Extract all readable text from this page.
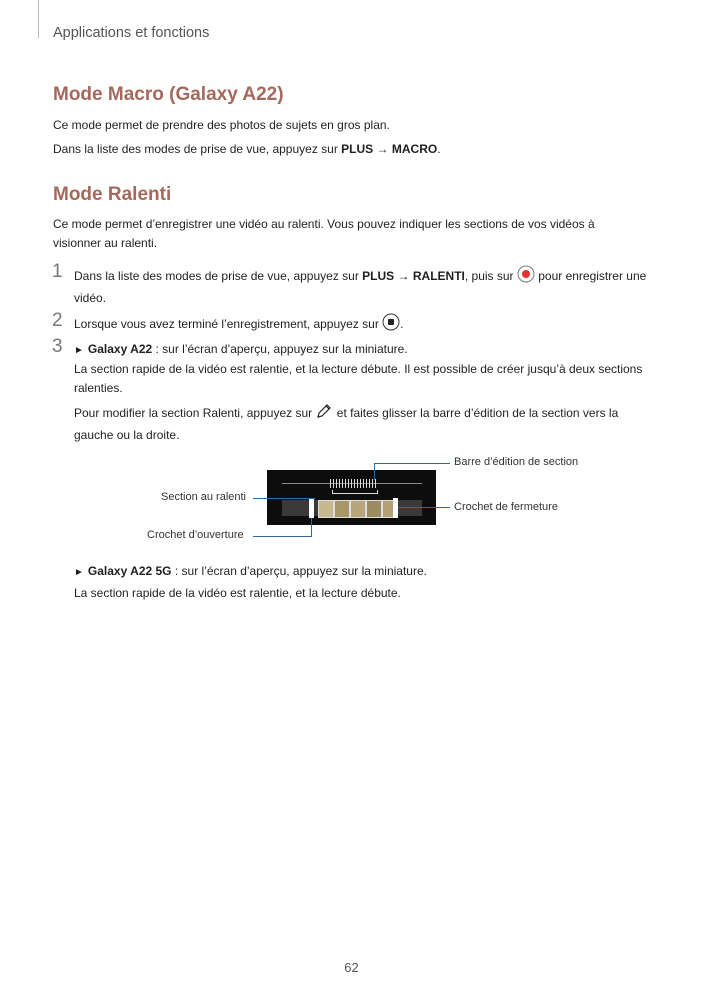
Applications et fonctions
Mode Macro (Galaxy A22)

Ce mode permet de prendre des photos de sujets en gros plan.

Dans la liste des modes de prise de vue, appuyez sur PLUS → MACRO.

Mode Ralenti

Ce mode permet d’enregistrer une vidéo au ralenti. Vous pouvez indiquer les sections de vos vidéos à visionner au ralenti.

1 Dans la liste des modes de prise de vue, appuyez sur PLUS → RALENTI, puis sur  pour enregistrer une vidéo.

2 Lorsque vous avez terminé l’enregistrement, appuyez sur .

3 ► Galaxy A22 : sur l’écran d’aperçu, appuyez sur la miniature.

La section rapide de la vidéo est ralentie, et la lecture débute. Il est possible de créer jusqu’à deux sections ralenties.

Pour modifier la section Ralenti, appuyez sur  et faites glisser la barre d’édition de la section vers la gauche ou la droite.

Barre d’édition de section
Section au ralenti
Crochet de fermeture
Crochet d’ouverture

► Galaxy A22 5G : sur l’écran d’aperçu, appuyez sur la miniature.

La section rapide de la vidéo est ralentie, et la lecture débute.

62
